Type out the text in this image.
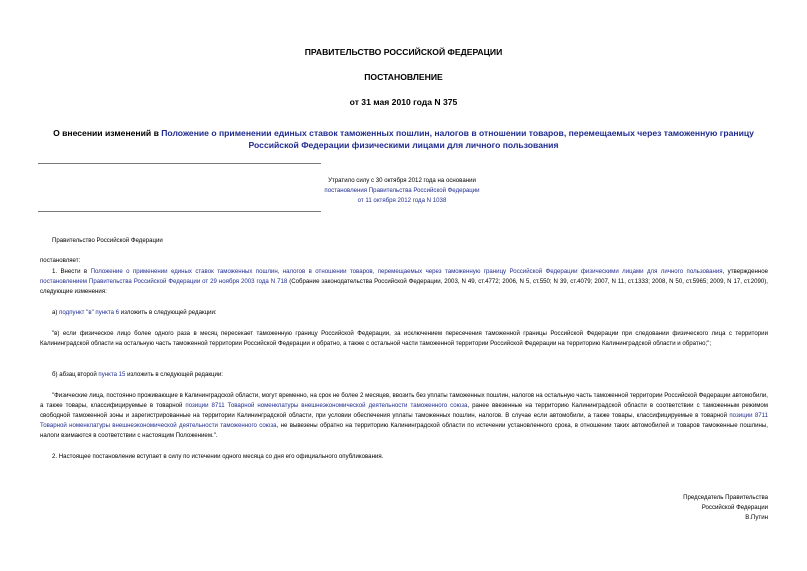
ПРАВИТЕЛЬСТВО РОССИЙСКОЙ ФЕДЕРАЦИИ
ПОСТАНОВЛЕНИЕ
от 31 мая 2010 года N 375
О внесении изменений в Положение о применении единых ставок таможенных пошлин, налогов в отношении товаров, перемещаемых через таможенную границу
Российской Федерации физическими лицами для личного пользования
Утратило силу с 30 октября 2012 года на основании
постановления Правительства Российской Федерации
от 11 октября 2012 года N 1038
Правительство Российской Федерации
постановляет:
1. Внести в Положение о применении единых ставок таможенных пошлин, налогов в отношении товаров, перемещаемых через таможенную границу Российской Федерации физическими лицами для личного пользования, утвержденное постановлением Правительства Российской Федерации от 29 ноября 2003 года N 718 (Собрание законодательства Российской Федерации, 2003, N 49, ст.4772; 2006, N 5, ст.550; N 39, ст.4079; 2007, N 11, ст.1333; 2008, N 50, ст.5965; 2009, N 17, ст.2090), следующие изменения:
а) подпункт "в" пункта 6 изложить в следующей редакции:
"в) если физическое лицо более одного раза в месяц пересекает таможенную границу Российской Федерации, за исключением пересечения таможенной границы Российской Федерации при следовании физического лица с территории Калининградской области на остальную часть таможенной территории Российской Федерации и обратно, а также с остальной части таможенной территории Российской Федерации на территорию Калининградской области и обратно;";
б) абзац второй пункта 15 изложить в следующей редакции:
"Физические лица, постоянно проживающие в Калининградской области, могут временно, на срок не более 2 месяцев, ввозить без уплаты таможенных пошлин, налогов на остальную часть таможенной территории Российской Федерации автомобили, а также товары, классифицируемые в товарной позиции 8711 Товарной номенклатуры внешнеэкономической деятельности таможенного союза, ранее ввезенные на территорию Калининградской области в соответствии с таможенным режимом свободной таможенной зоны и зарегистрированные на территории Калининградской области, при условии обеспечения уплаты таможенных пошлин, налогов. В случае если автомобили, а также товары, классифицируемые в товарной позиции 8711 Товарной номенклатуры внешнеэкономической деятельности таможенного союза, не вывезены обратно на территорию Калининградской области по истечении установленного срока, в отношении таких автомобилей и товаров таможенные пошлины, налоги взимаются в соответствии с настоящим Положением.".
2. Настоящее постановление вступает в силу по истечении одного месяца со дня его официального опубликования.
Председатель Правительства
Российской Федерации
В.Путин
